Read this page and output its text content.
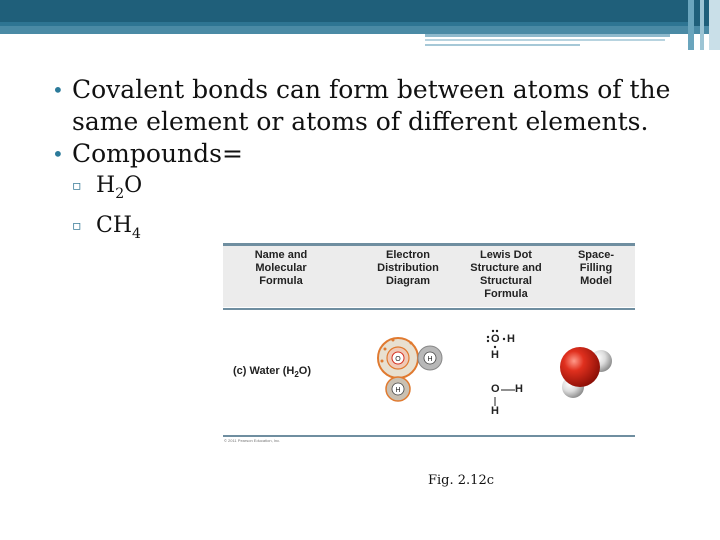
• Covalent bonds can form between atoms of the same element or atoms of different elements.
• Compounds=
▫ $H_2O$
▫ $CH_4$
Name and Molecular Formula
Electron Distribution Diagram
Lewis Dot Structure and Structural Formula
Space-Filling Model
(c) Water $(H_2O)$
O	H
H
O H
H
O H
H
© 2011 Pearson Education, Inc.
Fig. 2.12c
